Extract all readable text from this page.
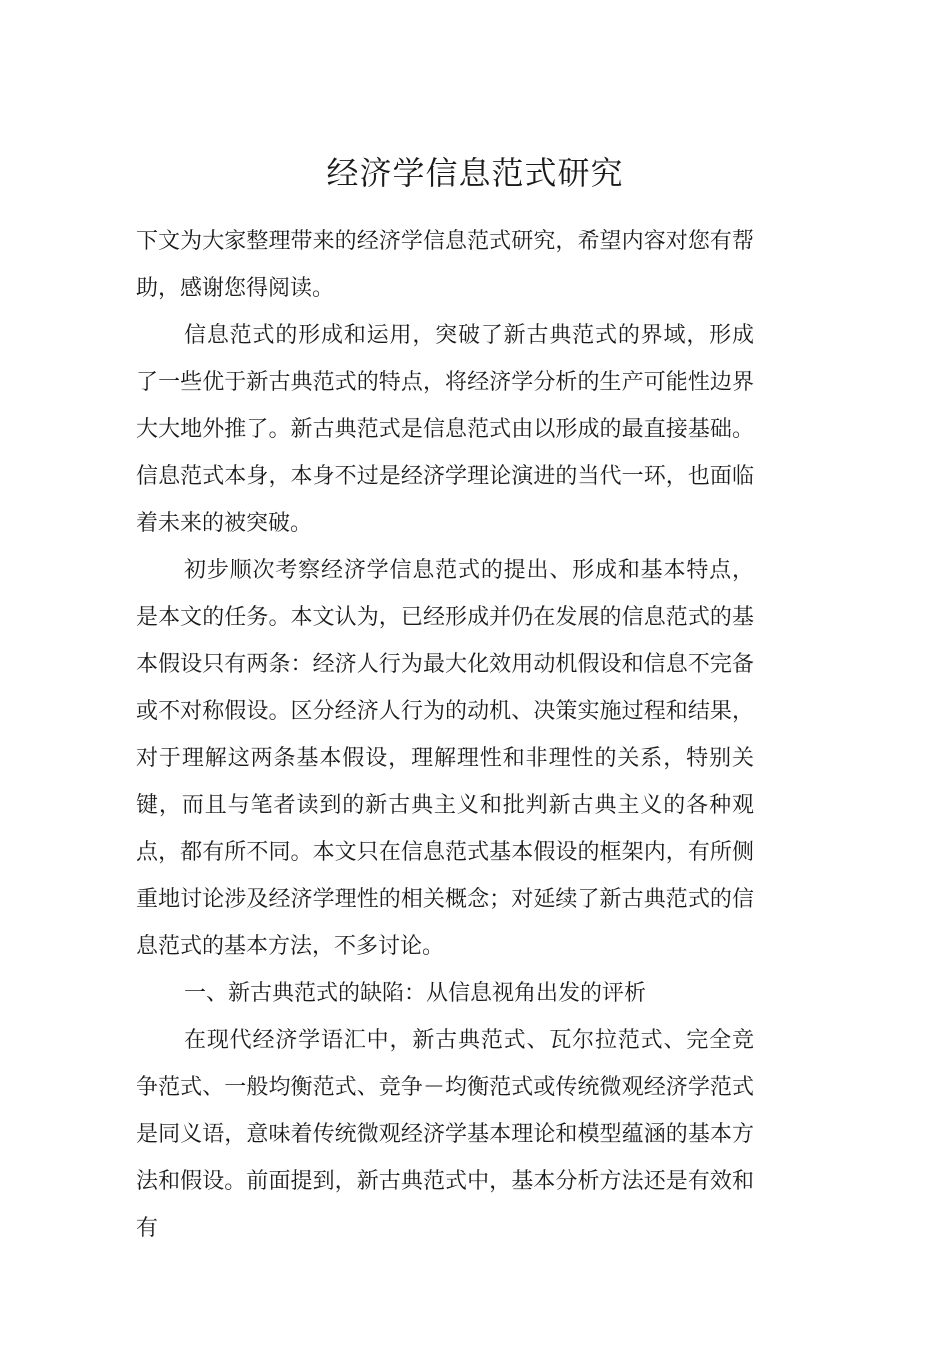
经济学信息范式研究

下文为大家整理带来的经济学信息范式研究，希望内容对您有帮助，感谢您得阅读。

信息范式的形成和运用，突破了新古典范式的界域，形成了一些优于新古典范式的特点，将经济学分析的生产可能性边界大大地外推了。新古典范式是信息范式由以形成的最直接基础。信息范式本身，本身不过是经济学理论演进的当代一环，也面临着未来的被突破。

初步顺次考察经济学信息范式的提出、形成和基本特点，是本文的任务。本文认为，已经形成并仍在发展的信息范式的基本假设只有两条：经济人行为最大化效用动机假设和信息不完备或不对称假设。区分经济人行为的动机、决策实施过程和结果，对于理解这两条基本假设，理解理性和非理性的关系，特别关键，而且与笔者读到的新古典主义和批判新古典主义的各种观点，都有所不同。本文只在信息范式基本假设的框架内，有所侧重地讨论涉及经济学理性的相关概念；对延续了新古典范式的信息范式的基本方法，不多讨论。

一、新古典范式的缺陷：从信息视角出发的评析

在现代经济学语汇中，新古典范式、瓦尔拉范式、完全竞争范式、一般均衡范式、竞争－均衡范式或传统微观经济学范式是同义语，意味着传统微观经济学基本理论和模型蕴涵的基本方法和假设。前面提到，新古典范式中，基本分析方法还是有效和有
